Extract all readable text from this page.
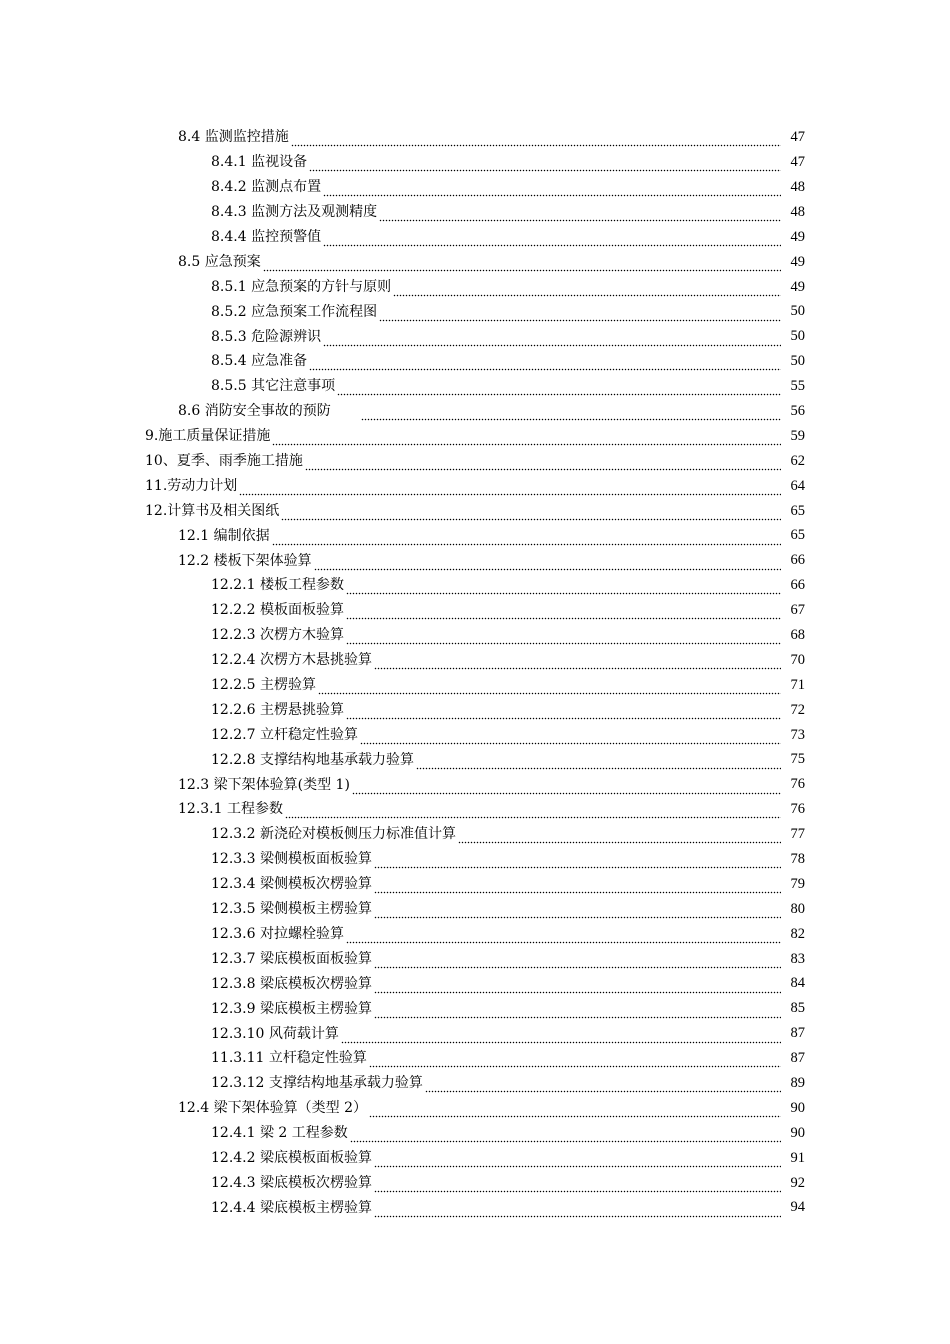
8.4 监测监控措施	47
8.4.1 监视设备	47
8.4.2 监测点布置	48
8.4.3 监测方法及观测精度	48
8.4.4 监控预警值	49
8.5 应急预案	49
8.5.1 应急预案的方针与原则	49
8.5.2 应急预案工作流程图	50
8.5.3 危险源辨识	50
8.5.4 应急准备	50
8.5.5 其它注意事项	55
8.6 消防安全事故的预防　　	56
9.施工质量保证措施	59
10、夏季、雨季施工措施	62
11.劳动力计划	64
12.计算书及相关图纸	65
12.1 编制依据	65
12.2 楼板下架体验算	66
12.2.1 楼板工程参数	66
12.2.2 模板面板验算	67
12.2.3 次楞方木验算	68
12.2.4 次楞方木悬挑验算	70
12.2.5 主楞验算	71
12.2.6 主楞悬挑验算	72
12.2.7 立杆稳定性验算	73
12.2.8 支撑结构地基承载力验算	75
12.3 梁下架体验算(类型 1)	76
12.3.1 工程参数	76
12.3.2 新浇砼对模板侧压力标准值计算	77
12.3.3 梁侧模板面板验算	78
12.3.4 梁侧模板次楞验算	79
12.3.5 梁侧模板主楞验算	80
12.3.6 对拉螺栓验算	82
12.3.7 梁底模板面板验算	83
12.3.8 梁底模板次楞验算	84
12.3.9 梁底模板主楞验算	85
12.3.10 风荷载计算	87
11.3.11 立杆稳定性验算	87
12.3.12 支撑结构地基承载力验算	89
12.4 梁下架体验算（类型 2）	90
12.4.1 梁 2 工程参数	90
12.4.2 梁底模板面板验算	91
12.4.3 梁底模板次楞验算	92
12.4.4 梁底模板主楞验算	94
